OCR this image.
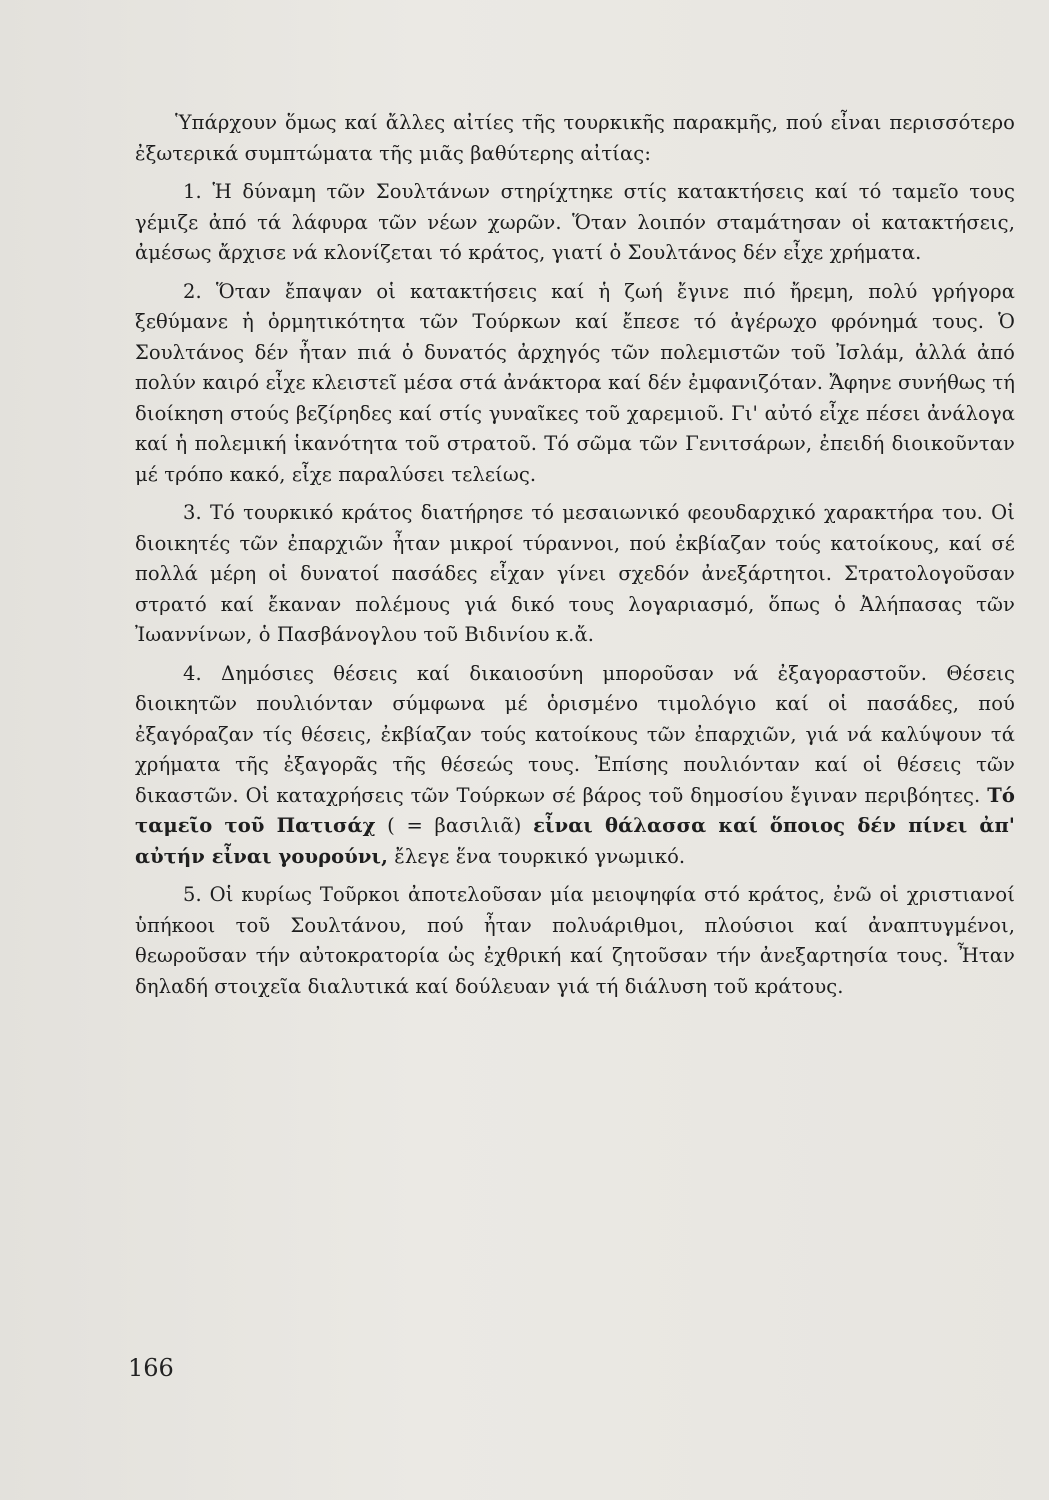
Ὑπάρχουν ὅμως καί ἄλλες αἰτίες τῆς τουρκικῆς παρακμῆς, πού εἶναι περισσότερο ἐξωτερικά συμπτώματα τῆς μιᾶς βαθύτερης αἰτίας:

1. Ἡ δύναμη τῶν Σουλτάνων στηρίχτηκε στίς κατακτήσεις καί τό ταμεῖο τους γέμιζε ἀπό τά λάφυρα τῶν νέων χωρῶν. Ὅταν λοιπόν σταμάτησαν οἱ κατακτήσεις, ἀμέσως ἄρχισε νά κλονίζεται τό κράτος, γιατί ὁ Σουλτάνος δέν εἶχε χρήματα.

2. Ὅταν ἔπαψαν οἱ κατακτήσεις καί ἡ ζωή ἔγινε πιό ἤρεμη, πολύ γρήγορα ξεθύμανε ἡ ὁρμητικότητα τῶν Τούρκων καί ἔπεσε τό ἀγέρωχο φρόνημά τους. Ὁ Σουλτάνος δέν ἦταν πιά ὁ δυνατός ἀρχηγός τῶν πολεμιστῶν τοῦ Ἰσλάμ, ἀλλά ἀπό πολύν καιρό εἶχε κλειστεῖ μέσα στά ἀνάκτορα καί δέν ἐμφανιζόταν. Ἄφηνε συνήθως τή διοίκηση στούς βεζίρηδες καί στίς γυναῖκες τοῦ χαρεμιοῦ. Γι' αὐτό εἶχε πέσει ἀνάλογα καί ἡ πολεμική ἱκανότητα τοῦ στρατοῦ. Τό σῶμα τῶν Γενιτσάρων, ἐπειδή διοικοῦνταν μέ τρόπο κακό, εἶχε παραλύσει τελείως.

3. Τό τουρκικό κράτος διατήρησε τό μεσαιωνικό φεουδαρχικό χαρακτήρα του. Οἱ διοικητές τῶν ἐπαρχιῶν ἦταν μικροί τύραννοι, πού ἐκβίαζαν τούς κατοίκους, καί σέ πολλά μέρη οἱ δυνατοί πασάδες εἶχαν γίνει σχεδόν ἀνεξάρτητοι. Στρατολογοῦσαν στρατό καί ἔκαναν πολέμους γιά δικό τους λογαριασμό, ὅπως ὁ Ἀλήπασας τῶν Ἰωαννίνων, ὁ Πασβάνογλου τοῦ Βιδινίου κ.ἄ.

4. Δημόσιες θέσεις καί δικαιοσύνη μποροῦσαν νά ἐξαγοραστοῦν. Θέσεις διοικητῶν πουλιόνταν σύμφωνα μέ ὁρισμένο τιμολόγιο καί οἱ πασάδες, πού ἐξαγόραζαν τίς θέσεις, ἐκβίαζαν τούς κατοίκους τῶν ἐπαρχιῶν, γιά νά καλύψουν τά χρήματα τῆς ἐξαγορᾶς τῆς θέσεώς τους. Ἐπίσης πουλιόνταν καί οἱ θέσεις τῶν δικαστῶν. Οἱ καταχρήσεις τῶν Τούρκων σέ βάρος τοῦ δημοσίου ἔγιναν περιβόητες. Τό ταμεῖο τοῦ Πατισάχ ( = βασιλιᾶ) εἶναι θάλασσα καί ὅποιος δέν πίνει ἀπ' αὐτήν εἶναι γουρούνι, ἔλεγε ἕνα τουρκικό γνωμικό.

5. Οἱ κυρίως Τοῦρκοι ἀποτελοῦσαν μία μειοψηφία στό κράτος, ἐνῶ οἱ χριστιανοί ὑπήκοοι τοῦ Σουλτάνου, πού ἦταν πολυάριθμοι, πλούσιοι καί ἀναπτυγμένοι, θεωροῦσαν τήν αὐτοκρατορία ὡς ἐχθρική καί ζητοῦσαν τήν ἀνεξαρτησία τους. Ἦταν δηλαδή στοιχεῖα διαλυτικά καί δούλευαν γιά τή διάλυση τοῦ κράτους.

166
